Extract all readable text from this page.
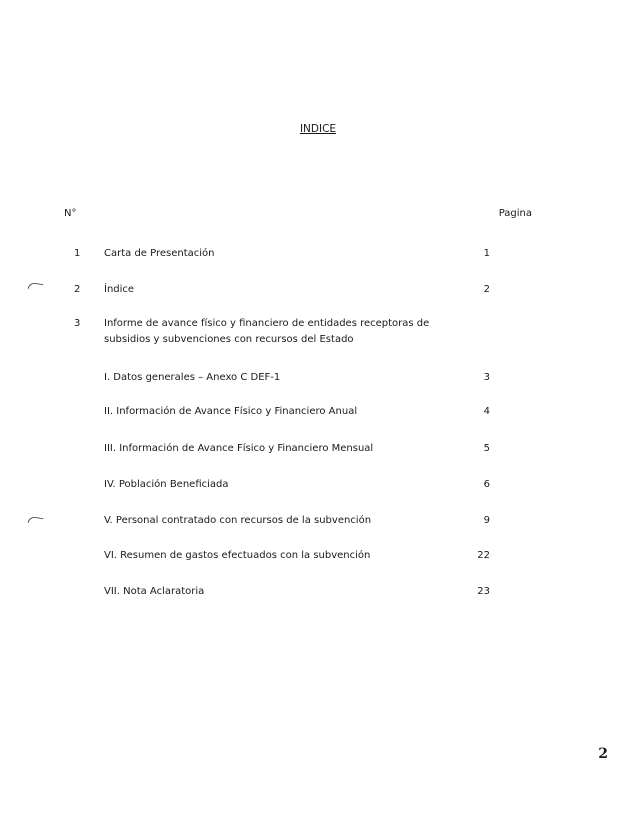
INDICE
N°	Pagina
1	Carta de Presentación	1
2	Índice	2
3	Informe de avance físico y financiero de entidades receptoras de subsidios y subvenciones con recursos del Estado
I. Datos generales – Anexo C DEF-1	3
II. Información de Avance Físico y Financiero Anual	4
III. Información de Avance Físico y Financiero Mensual	5
IV. Población Beneficiada	6
V. Personal contratado con recursos de la subvención	9
VI. Resumen de gastos efectuados con la subvención	22
VII. Nota Aclaratoria	23
2
